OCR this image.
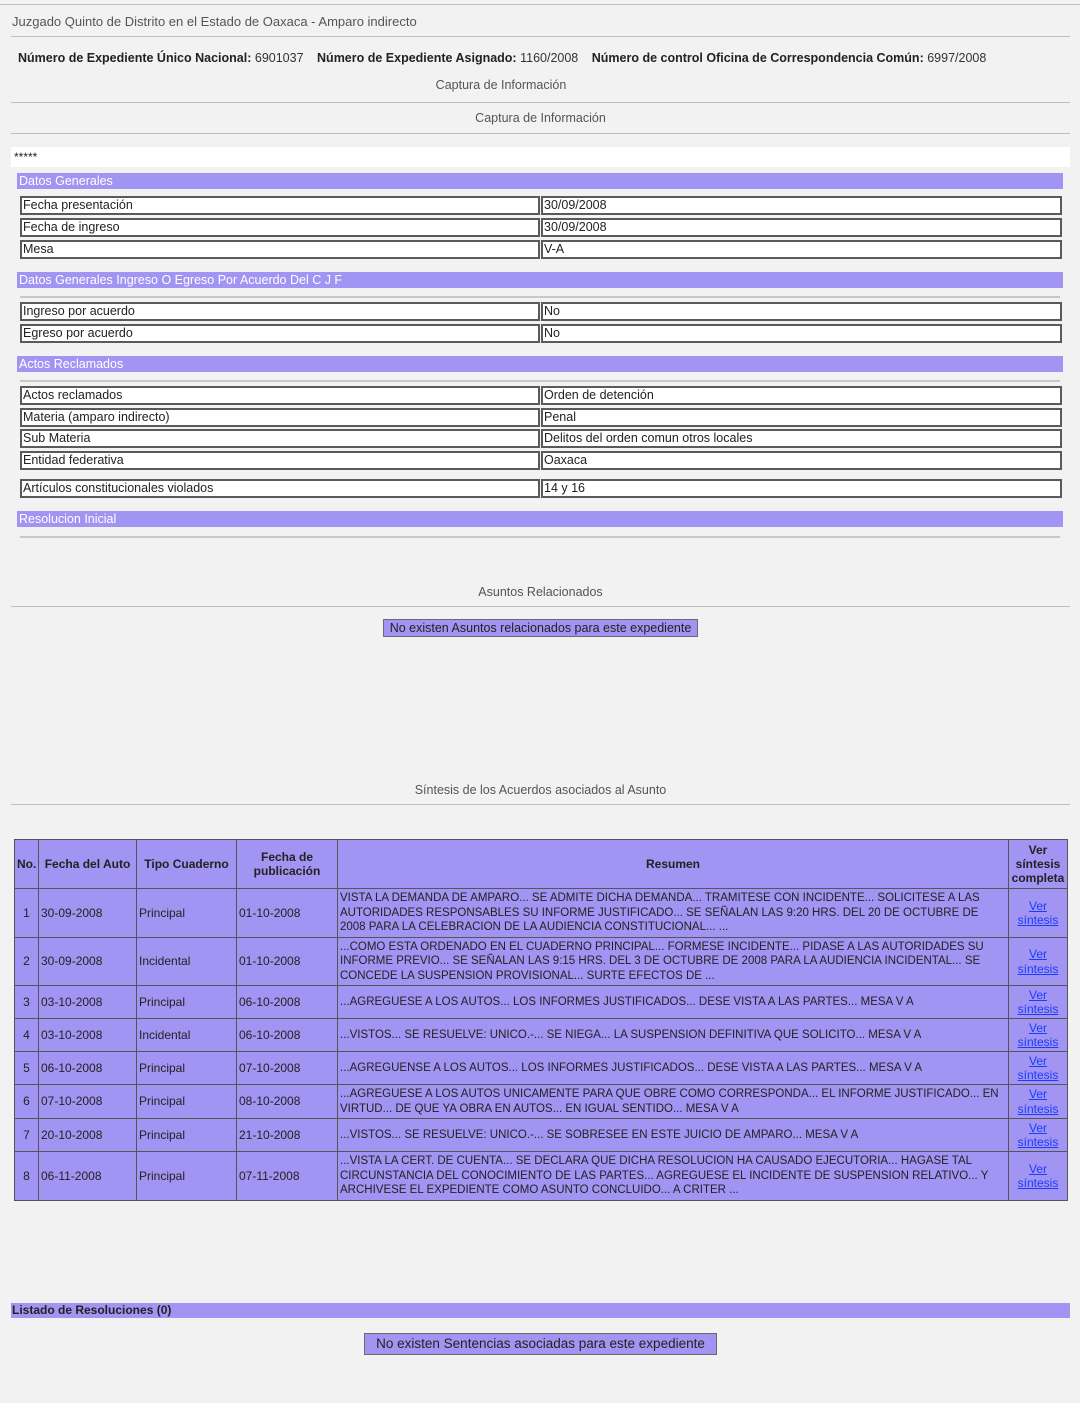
Juzgado Quinto de Distrito en el Estado de Oaxaca - Amparo indirecto
Número de Expediente Único Nacional: 6901037 Número de Expediente Asignado: 1160/2008 Número de control Oficina de Correspondencia Común: 6997/2008
Captura de Información
Captura de Información
*****
Datos Generales
Fecha presentación	30/09/2008
Fecha de ingreso	30/09/2008
Mesa	V-A
Datos Generales Ingreso O Egreso Por Acuerdo Del C J F
Ingreso por acuerdo	No
Egreso por acuerdo	No
Actos Reclamados
Actos reclamados	Orden de detención
Materia (amparo indirecto)	Penal
Sub Materia	Delitos del orden comun otros locales
Entidad federativa	Oaxaca
Artículos constitucionales violados	14 y 16
Resolucion Inicial
Asuntos Relacionados
No existen Asuntos relacionados para este expediente
Síntesis de los Acuerdos asociados al Asunto
No.	Fecha del Auto	Tipo Cuaderno	Fecha de
publicación	Resumen	Ver
síntesis
completa
1	30-09-2008	Principal	01-10-2008	VISTA LA DEMANDA DE AMPARO... SE ADMITE DICHA DEMANDA... TRAMITESE CON INCIDENTE... SOLICITESE A LAS AUTORIDADES RESPONSABLES SU INFORME JUSTIFICADO... SE SEÑALAN LAS 9:20 HRS. DEL 20 DE OCTUBRE DE 2008 PARA LA CELEBRACION DE LA AUDIENCIA CONSTITUCIONAL... ...	Ver
síntesis
2	30-09-2008	Incidental	01-10-2008	...COMO ESTA ORDENADO EN EL CUADERNO PRINCIPAL... FORMESE INCIDENTE... PIDASE A LAS AUTORIDADES SU INFORME PREVIO... SE SEÑALAN LAS 9:15 HRS. DEL 3 DE OCTUBRE DE 2008 PARA LA AUDIENCIA INCIDENTAL... SE CONCEDE LA SUSPENSION PROVISIONAL... SURTE EFECTOS DE ...	Ver
síntesis
3	03-10-2008	Principal	06-10-2008	...AGREGUESE A LOS AUTOS... LOS INFORMES JUSTIFICADOS... DESE VISTA A LAS PARTES... MESA V A	Ver
síntesis
4	03-10-2008	Incidental	06-10-2008	...VISTOS... SE RESUELVE: UNICO.-... SE NIEGA... LA SUSPENSION DEFINITIVA QUE SOLICITO... MESA V A	Ver
síntesis
5	06-10-2008	Principal	07-10-2008	...AGREGUENSE A LOS AUTOS... LOS INFORMES JUSTIFICADOS... DESE VISTA A LAS PARTES... MESA V A	Ver
síntesis
6	07-10-2008	Principal	08-10-2008	...AGREGUESE A LOS AUTOS UNICAMENTE PARA QUE OBRE COMO CORRESPONDA... EL INFORME JUSTIFICADO... EN VIRTUD... DE QUE YA OBRA EN AUTOS... EN IGUAL SENTIDO... MESA V A	Ver
síntesis
7	20-10-2008	Principal	21-10-2008	...VISTOS... SE RESUELVE: UNICO.-... SE SOBRESEE EN ESTE JUICIO DE AMPARO... MESA V A	Ver
síntesis
8	06-11-2008	Principal	07-11-2008	...VISTA LA CERT. DE CUENTA... SE DECLARA QUE DICHA RESOLUCION HA CAUSADO EJECUTORIA... HAGASE TAL CIRCUNSTANCIA DEL CONOCIMIENTO DE LAS PARTES... AGREGUESE EL INCIDENTE DE SUSPENSION RELATIVO... Y ARCHIVESE EL EXPEDIENTE COMO ASUNTO CONCLUIDO... A CRITER ...	Ver
síntesis
Listado de Resoluciones (0)
No existen Sentencias asociadas para este expediente
